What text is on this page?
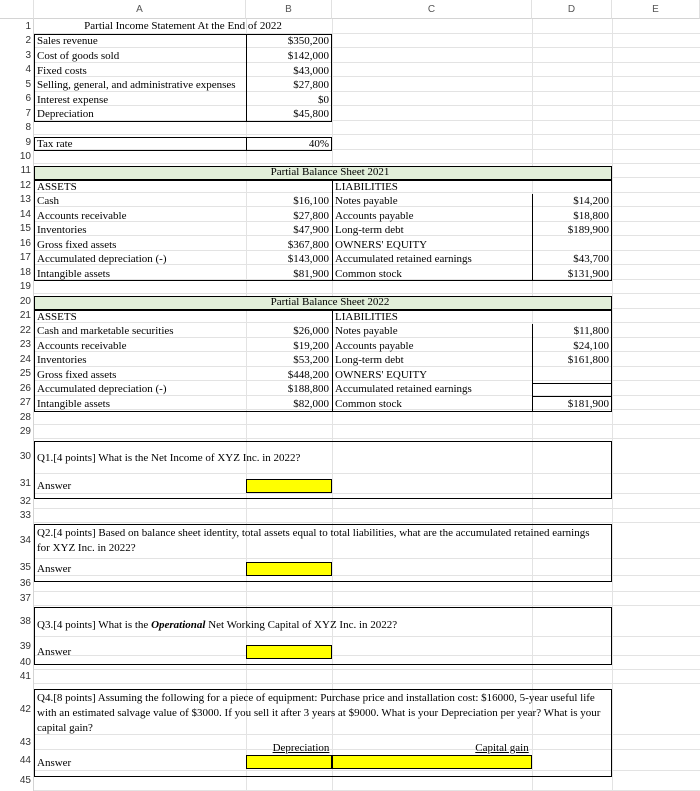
A	B	C	D	E
1
2
3
4
5
6
7
8
9
10
11
12
13
14
15
16
17
18
19
20
21
22
23
24
25
26
27
28
29
30
31
32
33
34
35
36
37
38
39
40
41
42
43
44
45
Partial Income Statement At the End of 2022
Sales revenue	$350,200
Cost of goods sold	$142,000
Fixed costs	$43,000
Selling, general, and administrative expenses	$27,800
Interest expense	$0
Depreciation	$45,800
Tax rate	40%
Partial Balance Sheet 2021
ASSETS	LIABILITIES
Cash	$16,100 Notes payable	$14,200
Accounts receivable	$27,800 Accounts payable	$18,800
Inventories	$47,900 Long-term debt	$189,900
Gross fixed assets	$367,800 OWNERS' EQUITY
Accumulated depreciation (-)	$143,000 Accumulated retained earnings	$43,700
Intangible assets	$81,900 Common stock	$131,900
Partial Balance Sheet 2022
ASSETS	LIABILITIES
Cash and marketable securities	$26,000 Notes payable	$11,800
Accounts receivable	$19,200 Accounts payable	$24,100
Inventories	$53,200 Long-term debt	$161,800
Gross fixed assets	$448,200 OWNERS' EQUITY
Accumulated depreciation (-)	$188,800 Accumulated retained earnings
Intangible assets	$82,000 Common stock	$181,900
Q1.[4 points] What is the Net Income of XYZ Inc. in 2022?
Answer
Q2.[4 points] Based on balance sheet identity, total assets equal to total liabilities, what are the accumulated retained earnings for XYZ Inc. in 2022?
Answer
Q3.[4 points] What is the Operational Net Working Capital of XYZ Inc. in 2022?
Answer
Q4.[8 points] Assuming the following for a piece of equipment: Purchase price and installation cost: $16000, 5-year useful life with an estimated salvage value of $3000. If you sell it after 3 years at $9000. What is your Depreciation per year? What is your capital gain?
Depreciation	Capital gain
Answer
